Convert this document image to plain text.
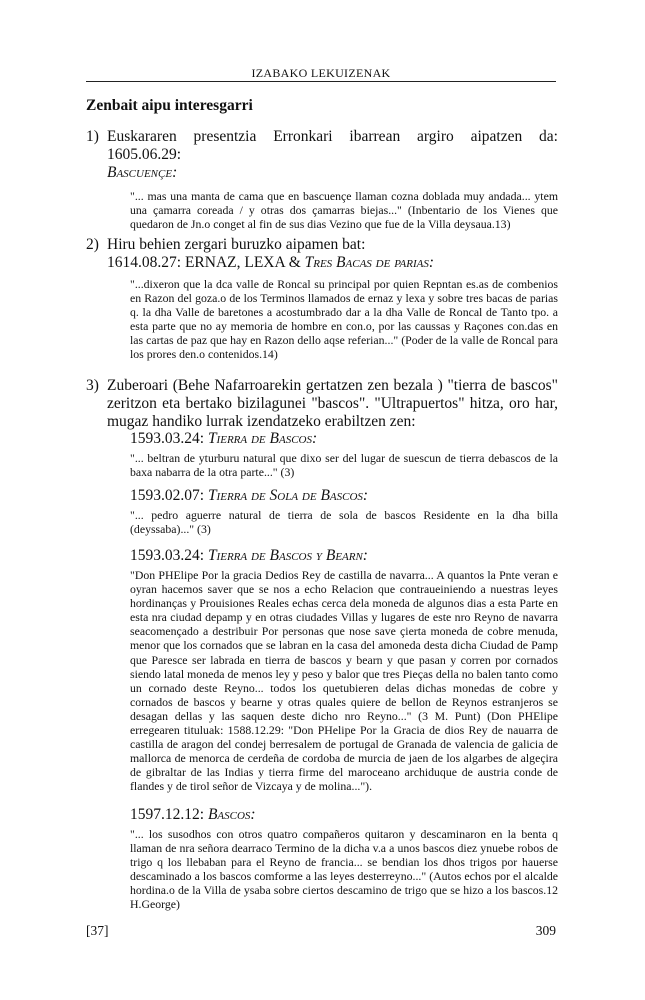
IZABAKO LEKUIZENAK
Zenbait aipu interesgarri
1) Euskararen presentzia Erronkari ibarrean argiro aipatzen da: 1605.06.29:
Bascuençe:

"... mas una manta de cama que en bascuençe llaman cozna doblada muy andada... ytem una çamarra coreada / y otras dos çamarras biejas..." (Inbentario de los Vienes que quedaron de Jn.o conget al fin de sus dias Vezino que fue de la Villa deysaua.13)

2) Hiru behien zergari buruzko aipamen bat:
1614.08.27: ERNAZ, LEXA & Tres Bacas de parias:

"...dixeron que la dca valle de Roncal su principal por quien Repntan es.as de combenios en Razon del goza.o de los Terminos llamados de ernaz y lexa y sobre tres bacas de parias q. la dha Valle de baretones a acostumbrado dar a la dha Valle de Roncal de Tanto tpo. a esta parte que no ay memoria de hombre en con.o, por las caussas y Raçones con.das en las cartas de paz que hay en Razon dello aqse referian..." (Poder de la valle de Roncal para los prores den.o contenidos.14)

3) Zuberoari (Behe Nafarroarekin gertatzen zen bezala ) "tierra de bascos" zeritzon eta bertako bizilagunei "bascos". "Ultrapuertos" hitza, oro har, mugaz handiko lurrak izendatzeko erabiltzen zen:
1593.03.24: Tierra de Bascos:

"... beltran de yturburu natural que dixo ser del lugar de suescun de tierra debascos de la baxa nabarra de la otra parte..." (3)

1593.02.07: Tierra de Sola de Bascos:

"... pedro aguerre natural de tierra de sola de bascos Residente en la dha billa (deyssaba)..." (3)

1593.03.24: Tierra de Bascos y Bearn:

"Don PHElipe Por la gracia Dedios Rey de castilla de navarra... A quantos la Pnte veran e oyran hacemos saver que se nos a echo Relacion que contraueiniendo a nuestras leyes hordinanças y Prouisiones Reales echas cerca dela moneda de algunos dias a esta Parte en esta nra ciudad depamp y en otras ciudades Villas y lugares de este nro Reyno de navarra seacomençado a destribuir Por personas que nose save çierta moneda de cobre menuda, menor que los cornados que se labran en la casa del amoneda desta dicha Ciudad de Pamp que Paresce ser labrada en tierra de bascos y bearn y que pasan y corren por cornados siendo latal moneda de menos ley y peso y balor que tres Pieças della no balen tanto como un cornado deste Reyno... todos los quetubieren delas dichas monedas de cobre y cornados de bascos y bearne y otras quales quiere de bellon de Reynos estranjeros se desagan dellas y las saquen deste dicho nro Reyno..." (3 M. Punt) (Don PHElipe erregearen tituluak: 1588.12.29: "Don PHelipe Por la Gracia de dios Rey de nauarra de castilla de aragon del condej berresalem de portugal de Granada de valencia de galicia de mallorca de menorca de cerdeña de cordoba de murcia de jaen de los algarbes de algeçira de gibraltar de las Indias y tierra firme del maroceano archiduque de austria conde de flandes y de tirol señor de Vizcaya y de molina...").

1597.12.12: Bascos:

"... los susodhos con otros quatro compañeros quitaron y descaminaron en la benta q llaman de nra señora dearraco Termino de la dicha v.a a unos bascos diez ynuebe robos de trigo q los llebaban para el Reyno de francia... se bendian los dhos trigos por hauerse descaminado a los bascos comforme a las leyes desterreyno..." (Autos echos por el alcalde hordina.o de la Villa de ysaba sobre ciertos descamino de trigo que se hizo a los bascos.12 H.George)

[37]	309
